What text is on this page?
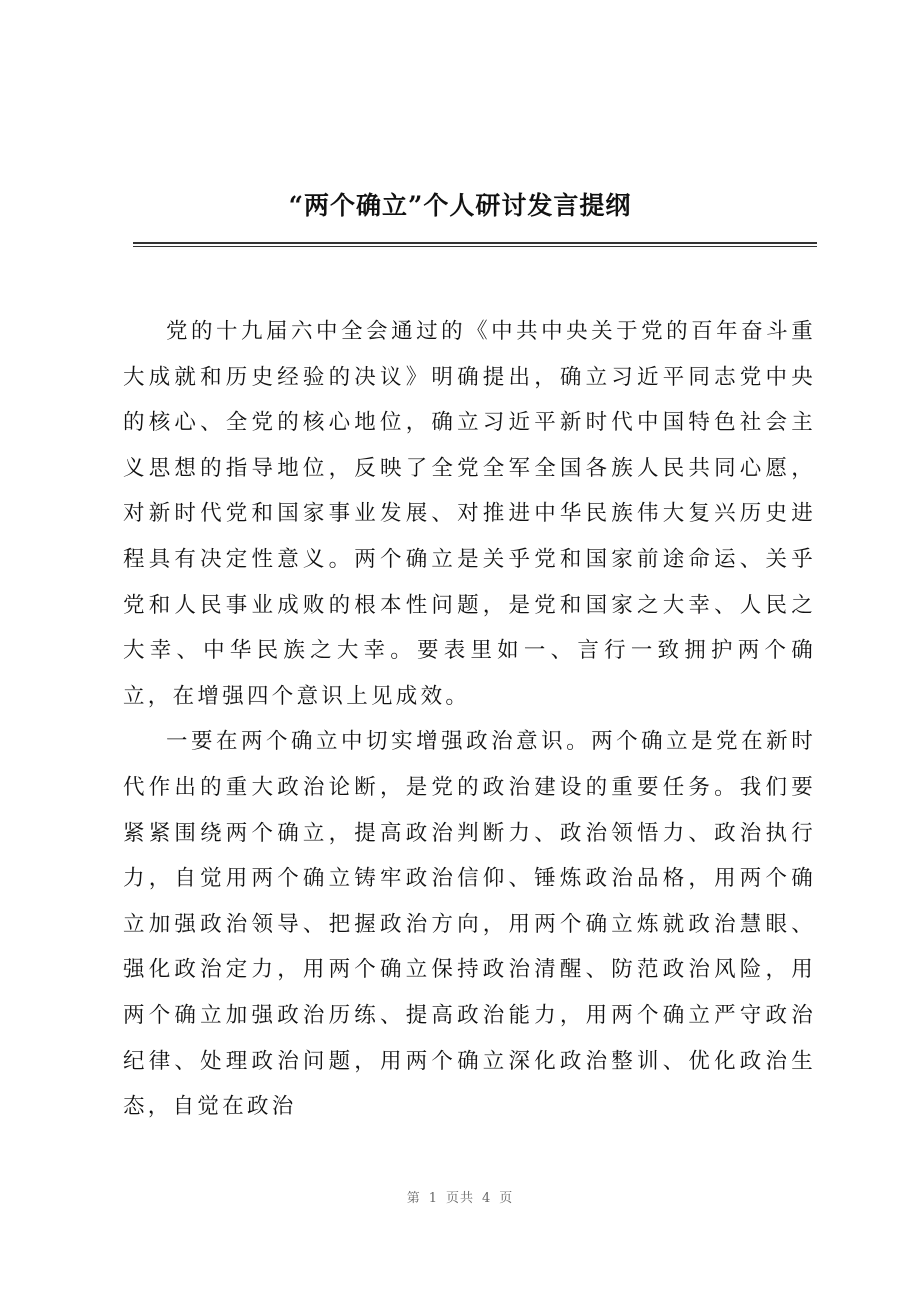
“两个确立”个人研讨发言提纲

党的十九届六中全会通过的《中共中央关于党的百年奋斗重大成就和历史经验的决议》明确提出，确立习近平同志党中央的核心、全党的核心地位，确立习近平新时代中国特色社会主义思想的指导地位，反映了全党全军全国各族人民共同心愿，对新时代党和国家事业发展、对推进中华民族伟大复兴历史进程具有决定性意义。两个确立是关乎党和国家前途命运、关乎党和人民事业成败的根本性问题，是党和国家之大幸、人民之大幸、中华民族之大幸。要表里如一、言行一致拥护两个确立，在增强四个意识上见成效。

一要在两个确立中切实增强政治意识。两个确立是党在新时代作出的重大政治论断，是党的政治建设的重要任务。我们要紧紧围绕两个确立，提高政治判断力、政治领悟力、政治执行力，自觉用两个确立铸牢政治信仰、锤炼政治品格，用两个确立加强政治领导、把握政治方向，用两个确立炼就政治慧眼、强化政治定力，用两个确立保持政治清醒、防范政治风险，用两个确立加强政治历练、提高政治能力，用两个确立严守政治纪律、处理政治问题，用两个确立深化政治整训、优化政治生态，自觉在政治

第 1 页共 4 页
